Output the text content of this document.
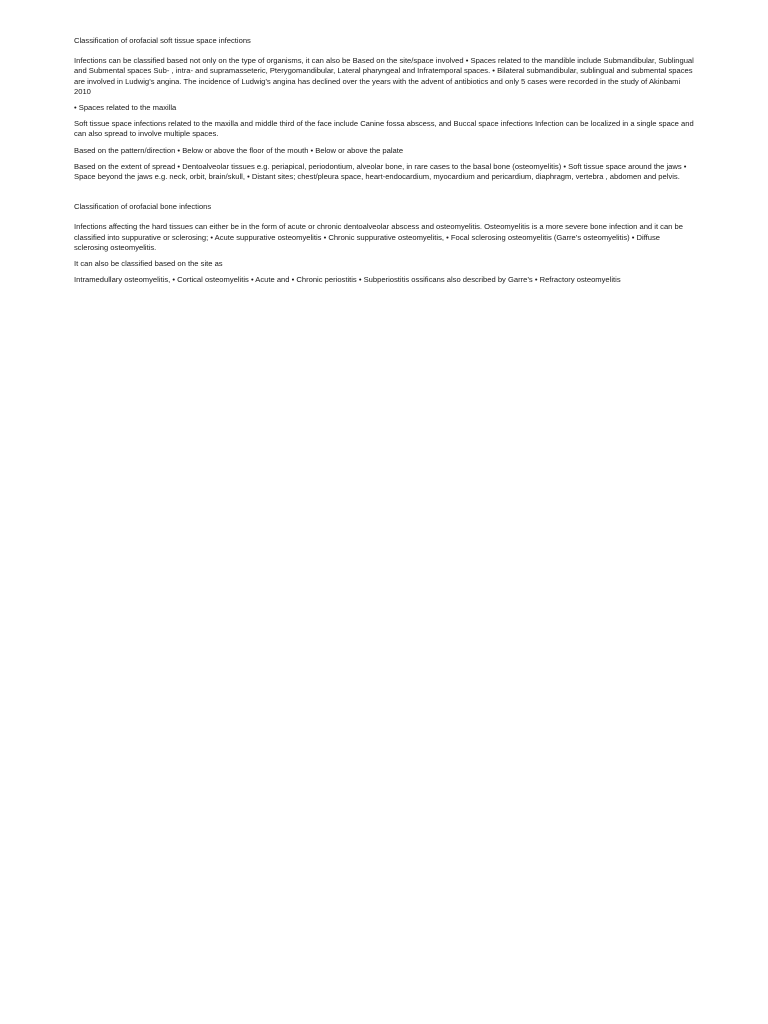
Classification of orofacial soft tissue space infections

Infections can be classified based not only on the type of organisms, it can also be Based on the site/space involved • Spaces related to the mandible include Submandibular, Sublingual and Submental spaces Sub- , intra- and supramasseteric, Pterygomandibular, Lateral pharyngeal and Infratemporal spaces. • Bilateral submandibular, sublingual and submental spaces are involved in Ludwig’s angina. The incidence of Ludwig’s angina has declined over the years with the advent of antibiotics and only 5 cases were recorded in the study of Akinbami 2010

• Spaces related to the maxilla

Soft tissue space infections related to the maxilla and middle third of the face include Canine fossa abscess, and Buccal space infections Infection can be localized in a single space and can also spread to involve multiple spaces.

Based on the pattern/direction • Below or above the floor of the mouth • Below or above the palate

Based on the extent of spread • Dentoalveolar tissues e.g. periapical, periodontium, alveolar bone, in rare cases to the basal bone (osteomyelitis) • Soft tissue space around the jaws • Space beyond the jaws e.g. neck, orbit, brain/skull, • Distant sites; chest/pleura space, heart-endocardium, myocardium and pericardium, diaphragm, vertebra , abdomen and pelvis.

Classification of orofacial bone infections

Infections affecting the hard tissues can either be in the form of acute or chronic dentoalveolar abscess and osteomyelitis. Osteomyelitis is a more severe bone infection and it can be classified into suppurative or sclerosing; • Acute suppurative osteomyelitis • Chronic suppurative osteomyelitis, • Focal sclerosing osteomyelitis (Garre’s osteomyelitis) • Diffuse sclerosing osteomyelitis.

It can also be classified based on the site as

Intramedullary osteomyelitis, • Cortical osteomyelitis • Acute and • Chronic periostitis • Subperiostitis ossificans also described by Garre’s • Refractory osteomyelitis
